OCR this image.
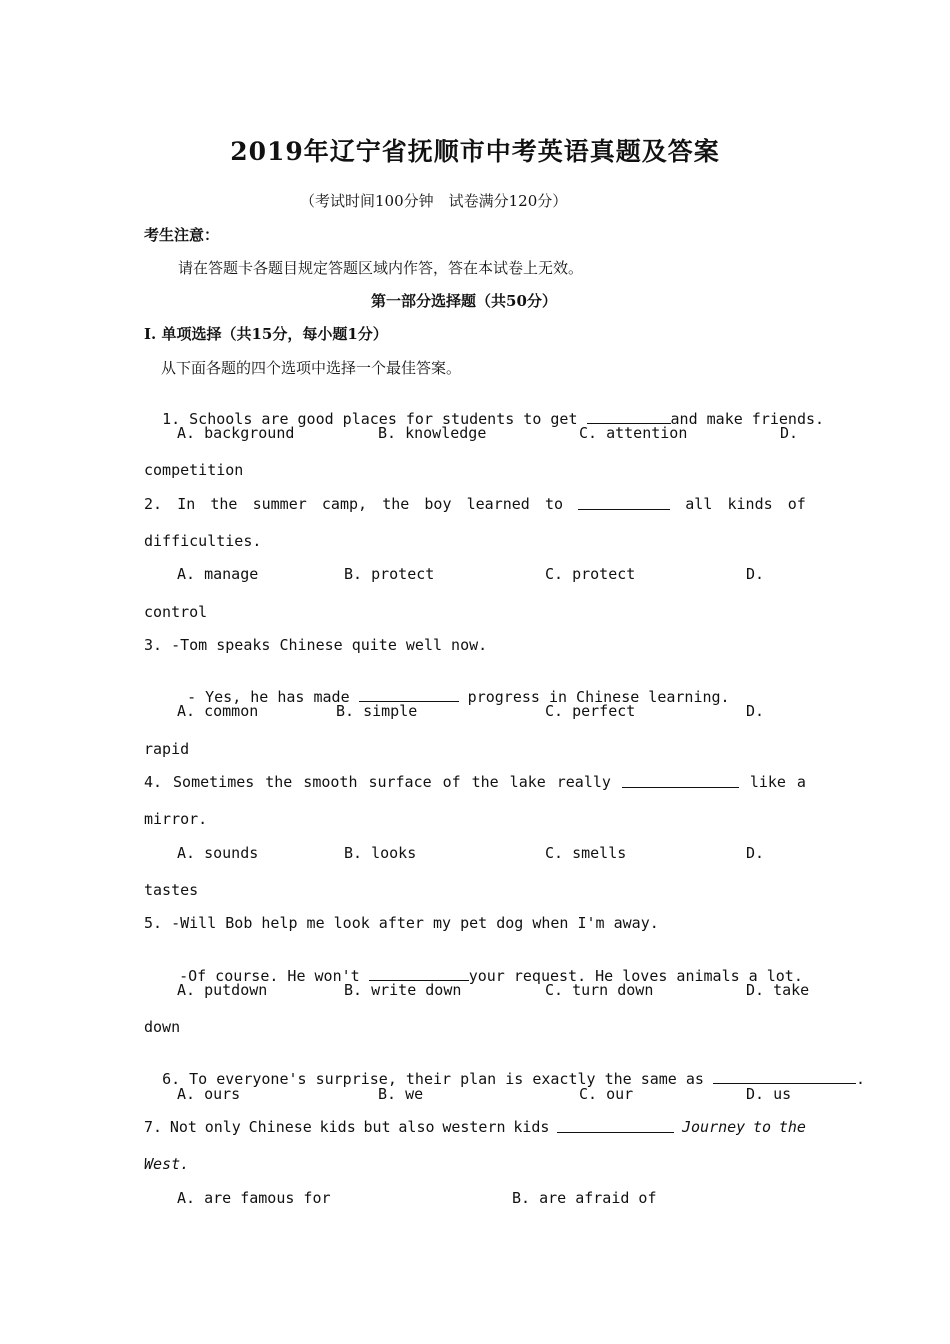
2019年辽宁省抚顺市中考英语真题及答案
（考试时间100分钟　试卷满分120分）
考生注意：
请在答题卡各题目规定答题区域内作答，答在本试卷上无效。
第一部分选择题（共50分）
I. 单项选择（共15分，每小题1分）
从下面各题的四个选项中选择一个最佳答案。

1. Schools are good places for students to get	and make friends.

A. background	B. knowledge	C. attention	D.
competition
2. In the summer camp, the boy learned to	all kinds of
difficulties.
A. manage	B. protect	C. protect	D.
control
3. -Tom speaks Chinese quite well now.

- Yes, he has made	progress in Chinese learning.

A. common	B. simple	C. perfect	D.
rapid
4. Sometimes the smooth surface of the lake really	like a
mirror.
A. sounds	B. looks	C. smells	D.
tastes
5. -Will Bob help me look after my pet dog when I'm away.

-Of course. He won't	your request. He loves animals a lot.

A. putdown	B. write down	C. turn down	D. take
down

6. To everyone's surprise, their plan is exactly the same as	.

A. ours	B. we	C. our	D. us
7. Not only Chinese kids but also western kids	Journey to the
West.
A. are famous for	B. are afraid of
